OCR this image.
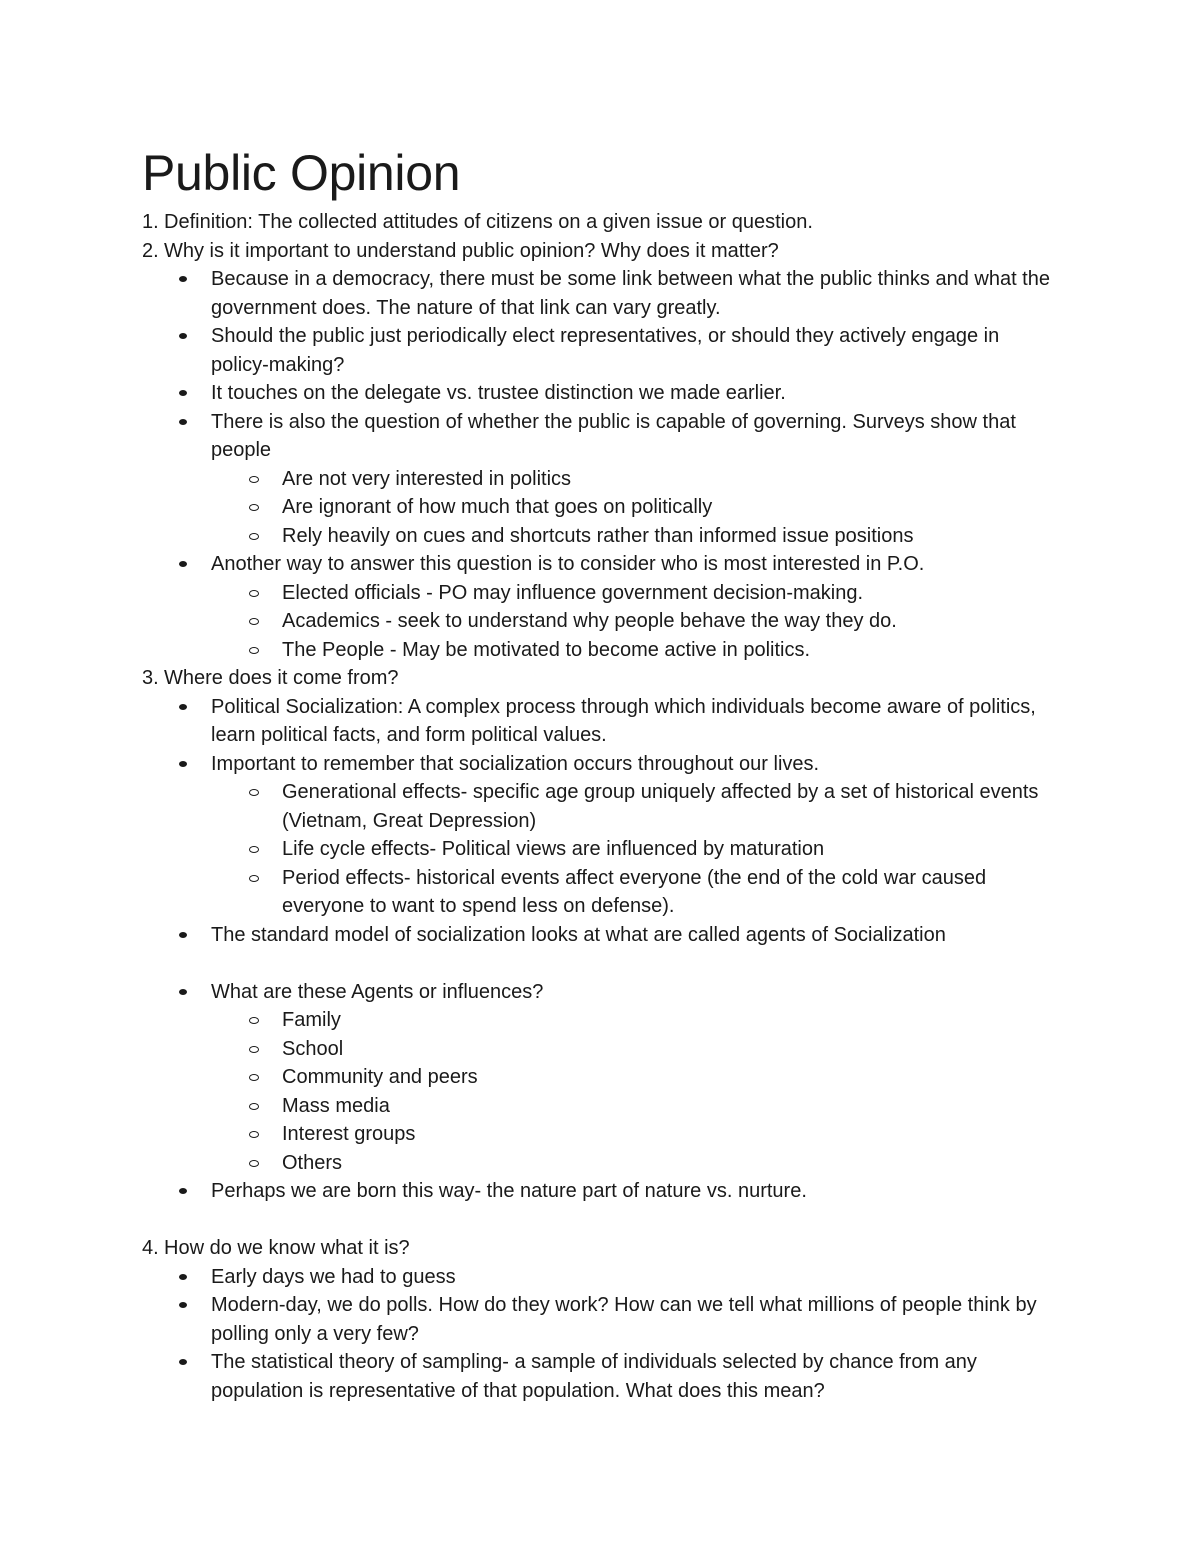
Public Opinion
1. Definition: The collected attitudes of citizens on a given issue or question.
2. Why is it important to understand public opinion? Why does it matter?
Because in a democracy, there must be some link between what the public thinks and what the government does. The nature of that link can vary greatly.
Should the public just periodically elect representatives, or should they actively engage in policy-making?
It touches on the delegate vs. trustee distinction we made earlier.
There is also the question of whether the public is capable of governing. Surveys show that people
Are not very interested in politics
Are ignorant of how much that goes on politically
Rely heavily on cues and shortcuts rather than informed issue positions
Another way to answer this question is to consider who is most interested in P.O.
Elected officials - PO may influence government decision-making.
Academics - seek to understand why people behave the way they do.
The People - May be motivated to become active in politics.
3. Where does it come from?
Political Socialization: A complex process through which individuals become aware of politics, learn political facts, and form political values.
Important to remember that socialization occurs throughout our lives.
Generational effects- specific age group uniquely affected by a set of historical events (Vietnam, Great Depression)
Life cycle effects- Political views are influenced by maturation
Period effects- historical events affect everyone (the end of the cold war caused everyone to want to spend less on defense).
The standard model of socialization looks at what are called agents of Socialization
What are these Agents or influences?
Family
School
Community and peers
Mass media
Interest groups
Others
Perhaps we are born this way- the nature part of nature vs. nurture.
4. How do we know what it is?
Early days we had to guess
Modern-day, we do polls. How do they work? How can we tell what millions of people think by polling only a very few?
The statistical theory of sampling- a sample of individuals selected by chance from any population is representative of that population. What does this mean?
